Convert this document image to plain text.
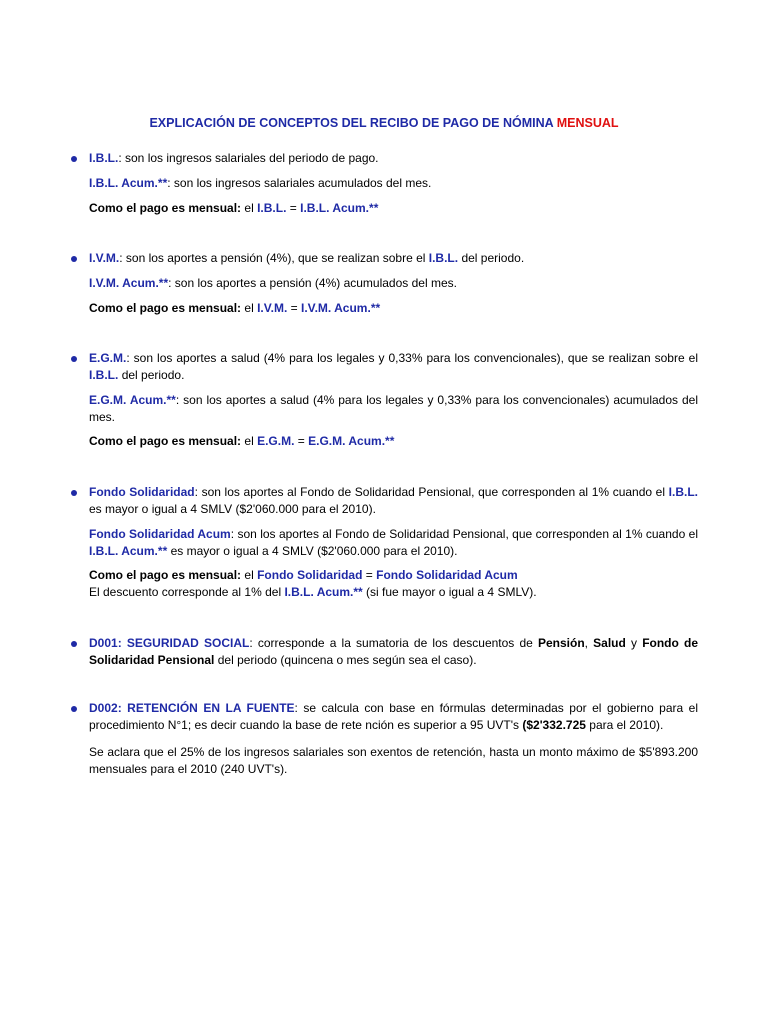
EXPLICACIÓN DE CONCEPTOS DEL RECIBO DE PAGO DE NÓMINA MENSUAL
I.B.L.: son los ingresos salariales del periodo de pago.
I.B.L. Acum.**: son los ingresos salariales acumulados del mes.
Como el pago es mensual: el I.B.L. = I.B.L. Acum.**
I.V.M.: son los aportes a pensión (4%), que se realizan sobre el I.B.L. del periodo.
I.V.M. Acum.**: son los aportes a pensión (4%) acumulados del mes.
Como el pago es mensual: el I.V.M. = I.V.M. Acum.**
E.G.M.: son los aportes a salud (4% para los legales y 0,33% para los convencionales), que se realizan sobre el I.B.L. del periodo.
E.G.M. Acum.**: son los aportes a salud (4% para los legales y 0,33% para los convencionales) acumulados del mes.
Como el pago es mensual: el E.G.M. = E.G.M. Acum.**
Fondo Solidaridad: son los aportes al Fondo de Solidaridad Pensional, que corresponden al 1% cuando el I.B.L. es mayor o igual a 4 SMLV ($2'060.000 para el 2010).
Fondo Solidaridad Acum: son los aportes al Fondo de Solidaridad Pensional, que corresponden al 1% cuando el I.B.L. Acum.** es mayor o igual a 4 SMLV ($2'060.000 para el 2010).
Como el pago es mensual: el Fondo Solidaridad = Fondo Solidaridad Acum
El descuento corresponde al 1% del I.B.L. Acum.** (si fue mayor o igual a 4 SMLV).
D001: SEGURIDAD SOCIAL: corresponde a la sumatoria de los descuentos de Pensión, Salud y Fondo de Solidaridad Pensional del periodo (quincena o mes según sea el caso).
D002: RETENCIÓN EN LA FUENTE: se calcula con base en fórmulas determinadas por el gobierno para el procedimiento N°1; es decir cuando la base de rete nción es superior a 95 UVT's ($2'332.725 para el 2010).
Se aclara que el 25% de los ingresos salariales son exentos de retención, hasta un monto máximo de $5'893.200 mensuales para el 2010 (240 UVT's).
